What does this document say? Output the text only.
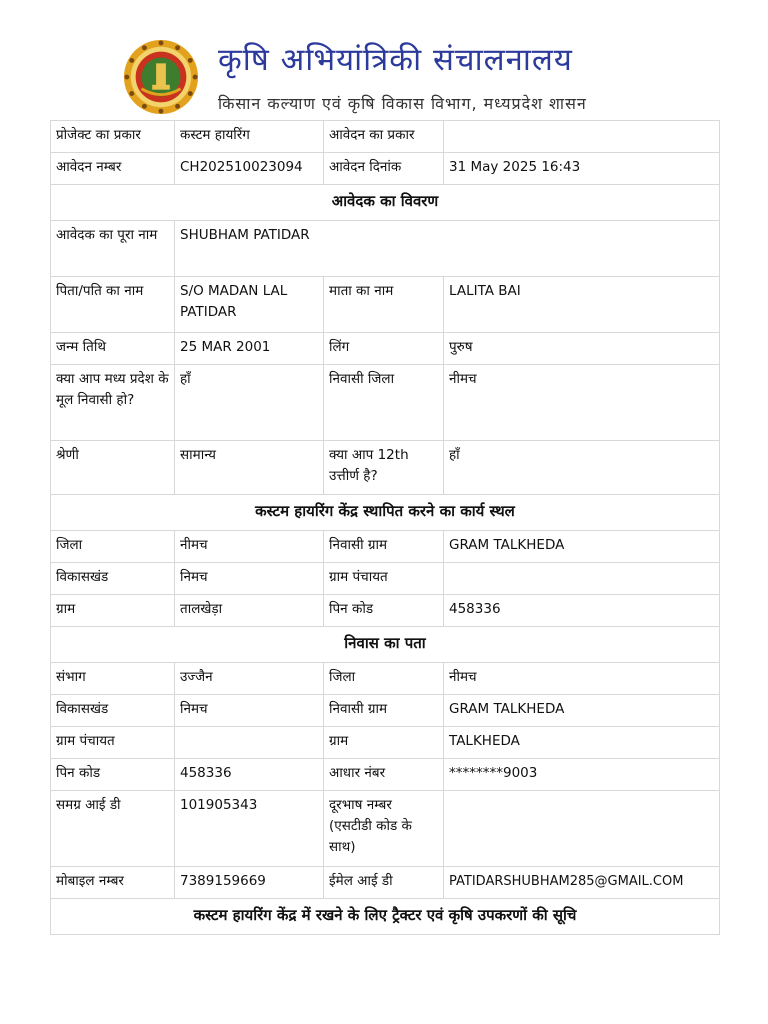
कृषि अभियांत्रिकी संचालनालय
किसान कल्याण एवं कृषि विकास विभाग, मध्यप्रदेश शासन
प्रोजेक्ट का प्रकार	कस्टम हायरिंग	आवेदन का प्रकार	
आवेदन नम्बर	CH202510023094	आवेदन दिनांक	31 May 2025 16:43
आवेदक का विवरण			
आवेदक का पूरा नाम	SHUBHAM PATIDAR		
पिता/पति का नाम	S/O MADAN LAL PATIDAR	माता का नाम	LALITA BAI
जन्म तिथि	25 MAR 2001	लिंग	पुरुष
क्या आप मध्य प्रदेश के मूल निवासी हो?	हाँ	निवासी जिला	नीमच
श्रेणी	सामान्य	क्या आप 12th उत्तीर्ण है?	हाँ
कस्टम हायरिंग केंद्र स्थापित करने का कार्य स्थल			
जिला	नीमच	निवासी ग्राम	GRAM TALKHEDA
विकासखंड	निमच	ग्राम पंचायत	
ग्राम	तालखेड़ा	पिन कोड	458336
निवास का पता			
संभाग	उज्जैन	जिला	नीमच
विकासखंड	निमच	निवासी ग्राम	GRAM TALKHEDA
ग्राम पंचायत		ग्राम	TALKHEDA
पिन कोड	458336	आधार नंबर	********9003
समग्र आई डी	101905343	दूरभाष नम्बर (एसटीडी कोड के साथ)	
मोबाइल नम्बर	7389159669	ईमेल आई डी	PATIDARSHUBHAM285@GMAIL.COM
कस्टम हायरिंग केंद्र में रखने के लिए ट्रैक्टर एवं कृषि उपकरणों की सूचि			
